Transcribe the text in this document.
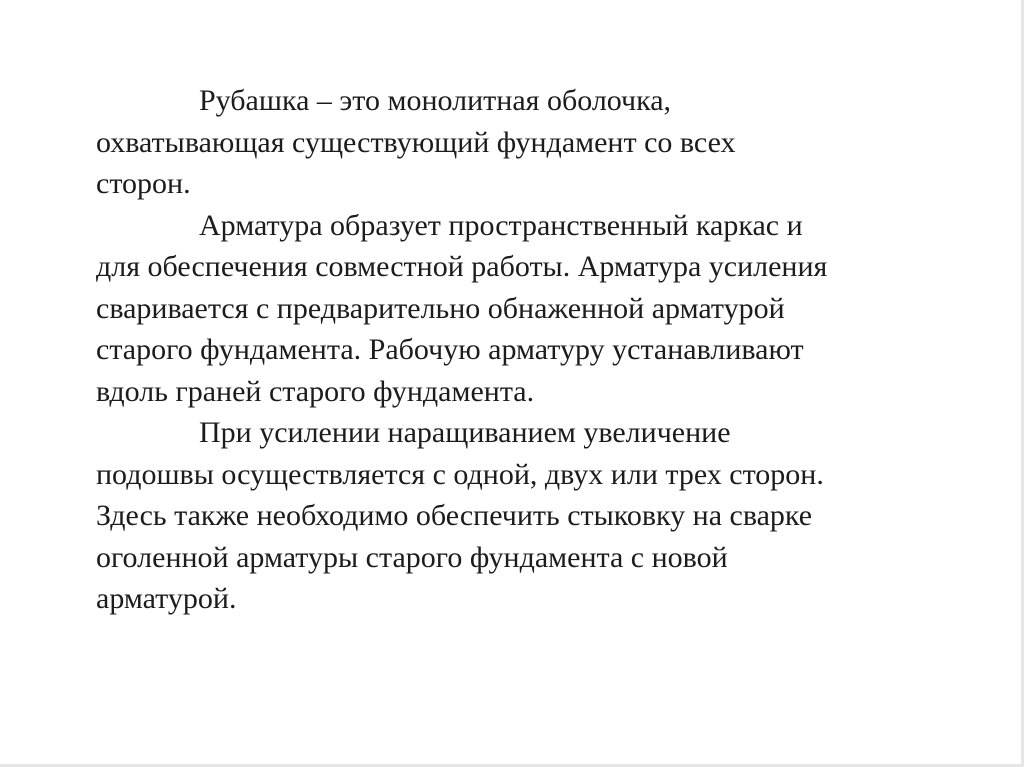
Рубашка – это монолитная оболочка,
охватывающая существующий фундамент со всех
сторон.
Арматура образует пространственный каркас и
для обеспечения совместной работы. Арматура усиления
сваривается с предварительно обнаженной арматурой
старого фундамента. Рабочую арматуру устанавливают
вдоль граней старого фундамента.
При усилении наращиванием увеличение
подошвы осуществляется с одной, двух или трех сторон.
Здесь также необходимо обеспечить стыковку на сварке
оголенной арматуры старого фундамента с новой
арматурой.
